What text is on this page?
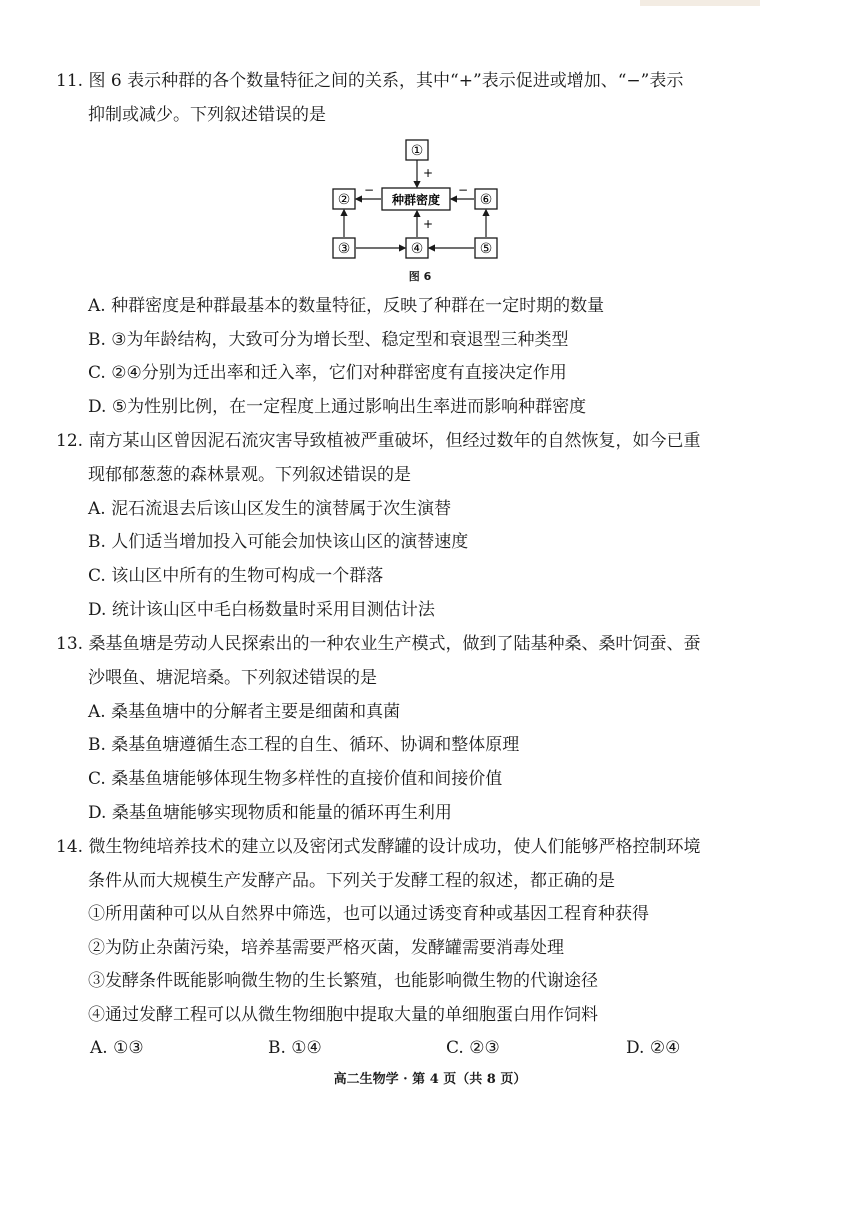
11. 图 6 表示种群的各个数量特征之间的关系，其中“+”表示促进或增加、“−”表示
抑制或减少。下列叙述错误的是
①
种群密度
②	⑥
③	④	⑤
+
−	−
+
图 6
A. 种群密度是种群最基本的数量特征，反映了种群在一定时期的数量
B. ③为年龄结构，大致可分为增长型、稳定型和衰退型三种类型
C. ②④分别为迁出率和迁入率，它们对种群密度有直接决定作用
D. ⑤为性别比例，在一定程度上通过影响出生率进而影响种群密度
12. 南方某山区曾因泥石流灾害导致植被严重破坏，但经过数年的自然恢复，如今已重
现郁郁葱葱的森林景观。下列叙述错误的是
A. 泥石流退去后该山区发生的演替属于次生演替
B. 人们适当增加投入可能会加快该山区的演替速度
C. 该山区中所有的生物可构成一个群落
D. 统计该山区中毛白杨数量时采用目测估计法
13. 桑基鱼塘是劳动人民探索出的一种农业生产模式，做到了陆基种桑、桑叶饲蚕、蚕
沙喂鱼、塘泥培桑。下列叙述错误的是
A. 桑基鱼塘中的分解者主要是细菌和真菌
B. 桑基鱼塘遵循生态工程的自生、循环、协调和整体原理
C. 桑基鱼塘能够体现生物多样性的直接价值和间接价值
D. 桑基鱼塘能够实现物质和能量的循环再生利用
14. 微生物纯培养技术的建立以及密闭式发酵罐的设计成功，使人们能够严格控制环境
条件从而大规模生产发酵产品。下列关于发酵工程的叙述，都正确的是
①所用菌种可以从自然界中筛选，也可以通过诱变育种或基因工程育种获得
②为防止杂菌污染，培养基需要严格灭菌，发酵罐需要消毒处理
③发酵条件既能影响微生物的生长繁殖，也能影响微生物的代谢途径
④通过发酵工程可以从微生物细胞中提取大量的单细胞蛋白用作饲料
A. ①③	B. ①④	C. ②③	D. ②④
高二生物学 · 第 4 页（共 8 页）
